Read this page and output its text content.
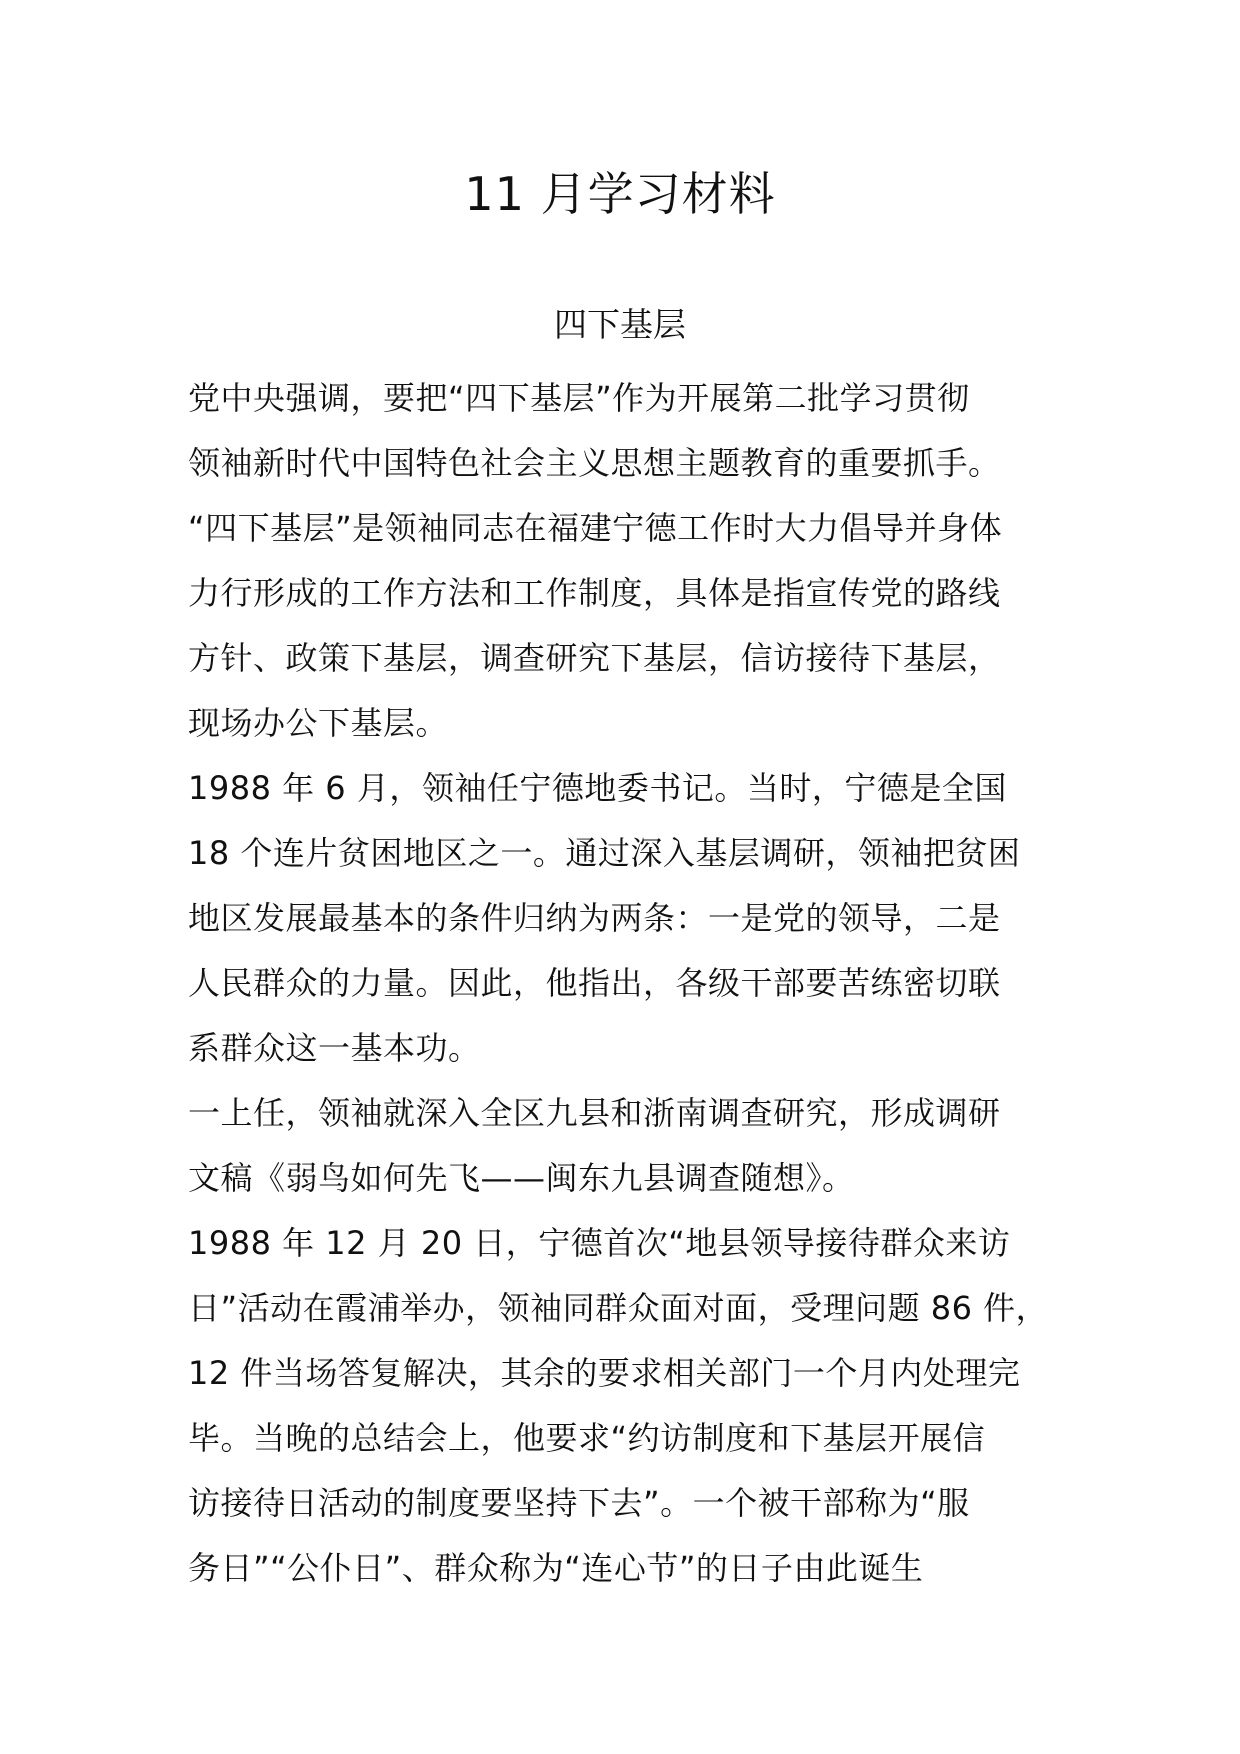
11 月学习材料
四下基层
党中央强调，要把“四下基层”作为开展第二批学习贯彻
领袖新时代中国特色社会主义思想主题教育的重要抓手。
“四下基层”是领袖同志在福建宁德工作时大力倡导并身体
力行形成的工作方法和工作制度，具体是指宣传党的路线
方针、政策下基层，调查研究下基层，信访接待下基层，
现场办公下基层。
1988 年 6 月，领袖任宁德地委书记。当时，宁德是全国
18 个连片贫困地区之一。通过深入基层调研，领袖把贫困
地区发展最基本的条件归纳为两条：一是党的领导，二是
人民群众的力量。因此，他指出，各级干部要苦练密切联
系群众这一基本功。
一上任，领袖就深入全区九县和浙南调查研究，形成调研
文稿《弱鸟如何先飞——闽东九县调查随想》。
1988 年 12 月 20 日，宁德首次“地县领导接待群众来访
日”活动在霞浦举办，领袖同群众面对面，受理问题 86 件，
12 件当场答复解决，其余的要求相关部门一个月内处理完
毕。当晚的总结会上，他要求“约访制度和下基层开展信
访接待日活动的制度要坚持下去”。一个被干部称为“服
务日”“公仆日”、群众称为“连心节”的日子由此诞生
